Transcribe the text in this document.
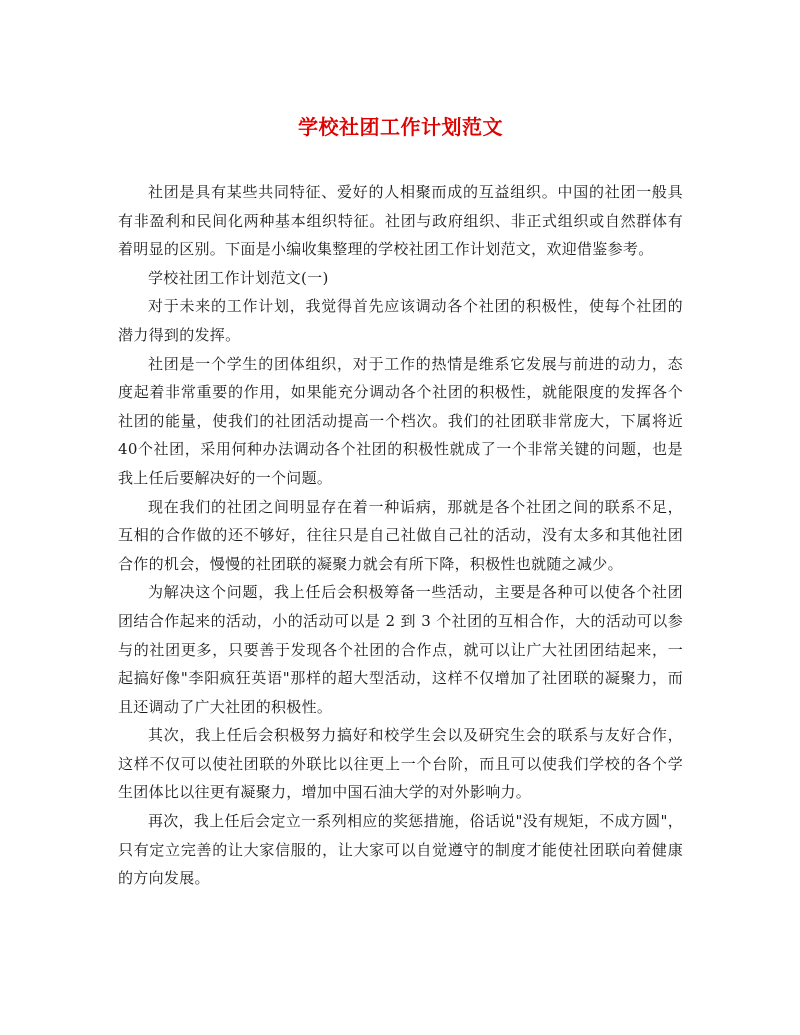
学校社团工作计划范文

社团是具有某些共同特征、爱好的人相聚而成的互益组织。中国的社团一般具有非盈利和民间化两种基本组织特征。社团与政府组织、非正式组织或自然群体有着明显的区别。下面是小编收集整理的学校社团工作计划范文，欢迎借鉴参考。

学校社团工作计划范文(一)

对于未来的工作计划，我觉得首先应该调动各个社团的积极性，使每个社团的潜力得到的发挥。

社团是一个学生的团体组织，对于工作的热情是维系它发展与前进的动力，态度起着非常重要的作用，如果能充分调动各个社团的积极性，就能限度的发挥各个社团的能量，使我们的社团活动提高一个档次。我们的社团联非常庞大，下属将近40个社团，采用何种办法调动各个社团的积极性就成了一个非常关键的问题，也是我上任后要解决好的一个问题。

现在我们的社团之间明显存在着一种诟病，那就是各个社团之间的联系不足，互相的合作做的还不够好，往往只是自己社做自己社的活动，没有太多和其他社团合作的机会，慢慢的社团联的凝聚力就会有所下降，积极性也就随之减少。

为解决这个问题，我上任后会积极筹备一些活动，主要是各种可以使各个社团团结合作起来的活动，小的活动可以是 2 到 3 个社团的互相合作，大的活动可以参与的社团更多，只要善于发现各个社团的合作点，就可以让广大社团团结起来，一起搞好像"李阳疯狂英语"那样的超大型活动，这样不仅增加了社团联的凝聚力，而且还调动了广大社团的积极性。

其次，我上任后会积极努力搞好和校学生会以及研究生会的联系与友好合作，这样不仅可以使社团联的外联比以往更上一个台阶，而且可以使我们学校的各个学生团体比以往更有凝聚力，增加中国石油大学的对外影响力。

再次，我上任后会定立一系列相应的奖惩措施，俗话说"没有规矩，不成方圆"，只有定立完善的让大家信服的，让大家可以自觉遵守的制度才能使社团联向着健康的方向发展。
